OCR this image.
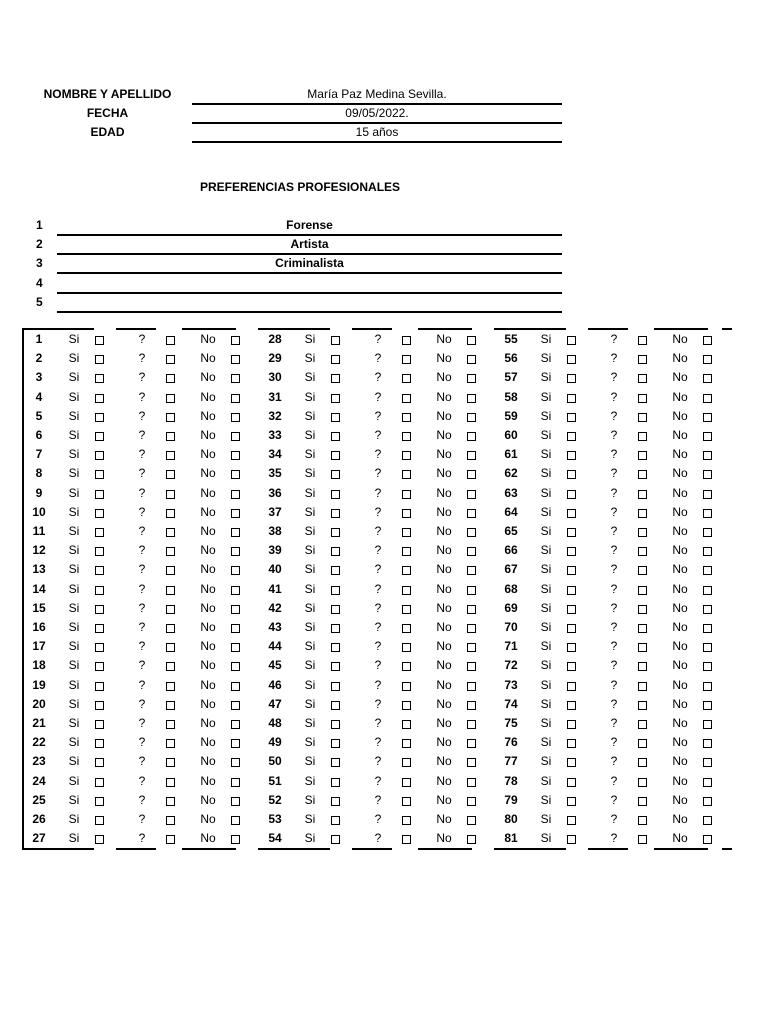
NOMBRE Y APELLIDO	María Paz Medina Sevilla.
FECHA	09/05/2022.
EDAD	15 años
PREFERENCIAS PROFESIONALES
1	Forense
2	Artista
3	Criminalista
4
5
1	Si	?	No	28	Si	?	No	55	Si	?	No
2	Si	?	No	29	Si	?	No	56	Si	?	No
3	Si	?	No	30	Si	?	No	57	Si	?	No
4	Si	?	No	31	Si	?	No	58	Si	?	No
5	Si	?	No	32	Si	?	No	59	Si	?	No
6	Si	?	No	33	Si	?	No	60	Si	?	No
7	Si	?	No	34	Si	?	No	61	Si	?	No
8	Si	?	No	35	Si	?	No	62	Si	?	No
9	Si	?	No	36	Si	?	No	63	Si	?	No
10	Si	?	No	37	Si	?	No	64	Si	?	No
11	Si	?	No	38	Si	?	No	65	Si	?	No
12	Si	?	No	39	Si	?	No	66	Si	?	No
13	Si	?	No	40	Si	?	No	67	Si	?	No
14	Si	?	No	41	Si	?	No	68	Si	?	No
15	Si	?	No	42	Si	?	No	69	Si	?	No
16	Si	?	No	43	Si	?	No	70	Si	?	No
17	Si	?	No	44	Si	?	No	71	Si	?	No
18	Si	?	No	45	Si	?	No	72	Si	?	No
19	Si	?	No	46	Si	?	No	73	Si	?	No
20	Si	?	No	47	Si	?	No	74	Si	?	No
21	Si	?	No	48	Si	?	No	75	Si	?	No
22	Si	?	No	49	Si	?	No	76	Si	?	No
23	Si	?	No	50	Si	?	No	77	Si	?	No
24	Si	?	No	51	Si	?	No	78	Si	?	No
25	Si	?	No	52	Si	?	No	79	Si	?	No
26	Si	?	No	53	Si	?	No	80	Si	?	No
27	Si	?	No	54	Si	?	No	81	Si	?	No
